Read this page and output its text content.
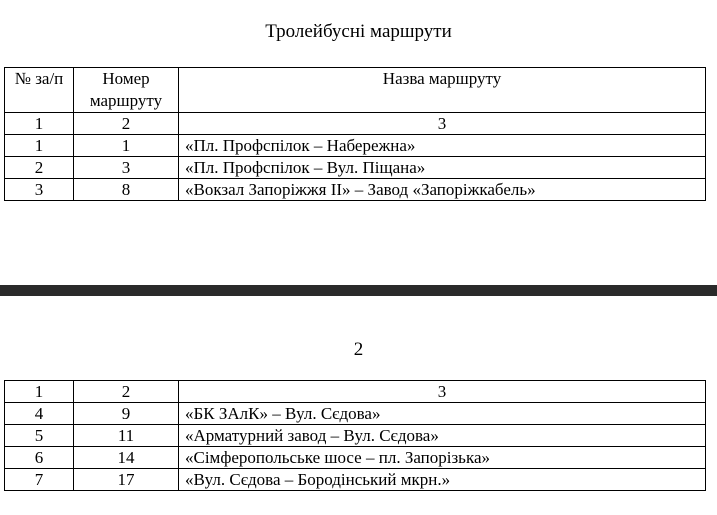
Тролейбусні маршрути
№ за/п	Номер маршруту	Назва маршруту
1	2	3
1	1	«Пл. Профспілок – Набережна»
2	3	«Пл. Профспілок – Вул. Піщана»
3	8	«Вокзал Запоріжжя ІІ» – Завод «Запоріжкабель»
2
1	2	3
4	9	«БК ЗАлК» – Вул. Сєдова»
5	11	«Арматурний завод – Вул. Сєдова»
6	14	«Сімферопольське шосе – пл. Запорізька»
7	17	«Вул. Сєдова – Бородінський мкрн.»
